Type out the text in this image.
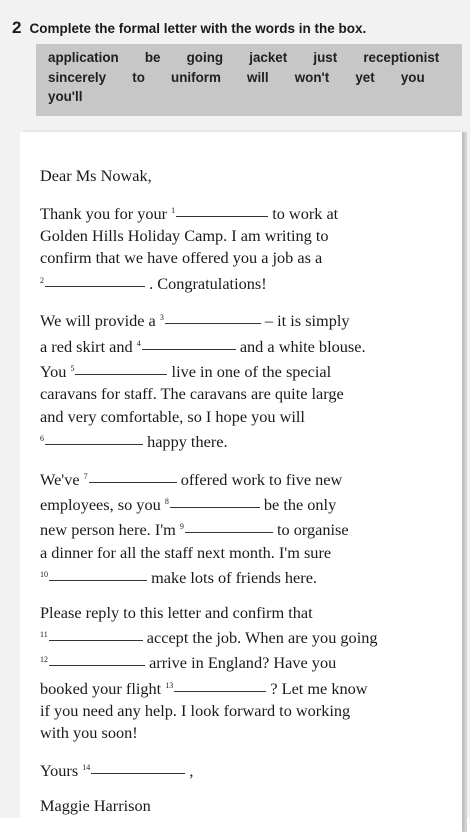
2 Complete the formal letter with the words in the box.
application   be   going   jacket   just   receptionist
sincerely   to   uniform   will   won't   yet   you
you'll

Dear Ms Nowak,

Thank you for your $^1$	to work at
Golden Hills Holiday Camp. I am writing to
confirm that we have offered you a job as a
$^2$	. Congratulations!

We will provide a $^3$	– it is simply
a red skirt and $^4$	and a white blouse.
You $^5$	live in one of the special
caravans for staff. The caravans are quite large
and very comfortable, so I hope you will
$^6$	happy there.

We've $^7$	offered work to five new
employees, so you $^8$	be the only
new person here. I'm $^9$	to organise
a dinner for all the staff next month. I'm sure
$^{10}$	make lots of friends here.

Please reply to this letter and confirm that
$^{11}$	accept the job. When are you going
$^{12}$	arrive in England? Have you
booked your flight $^{13}$	? Let me know
if you need any help. I look forward to working
with you soon!

Yours $^{14}$	,

Maggie Harrison
